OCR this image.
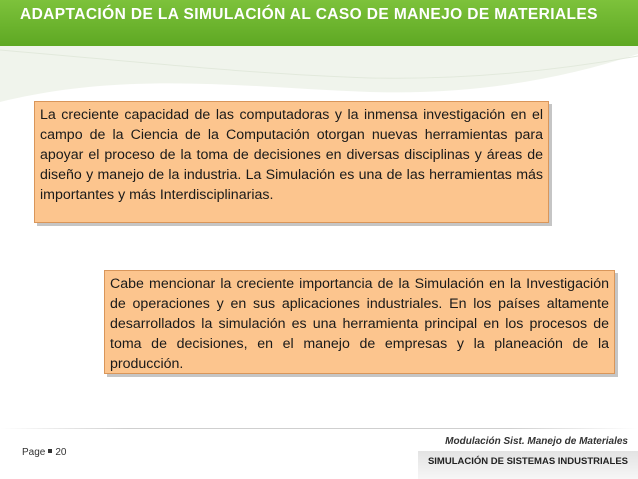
ADAPTACIÓN DE LA SIMULACIÓN AL CASO DE MANEJO DE MATERIALES
La creciente capacidad de las computadoras y la inmensa investigación en el campo de la Ciencia de la Computación otorgan nuevas herramientas para apoyar el proceso de la toma de decisiones en diversas disciplinas y áreas de diseño y manejo de la industria. La Simulación es una de las herramientas más importantes y más Interdisciplinarias.
Cabe mencionar la creciente importancia de la Simulación en la Investigación de operaciones y en sus aplicaciones industriales. En los países altamente desarrollados la simulación es una herramienta principal en los procesos de toma de decisiones, en el manejo de empresas y la planeación de la producción.
Page 20
Modulación Sist. Manejo de Materiales
SIMULACIÓN DE SISTEMAS INDUSTRIALES
